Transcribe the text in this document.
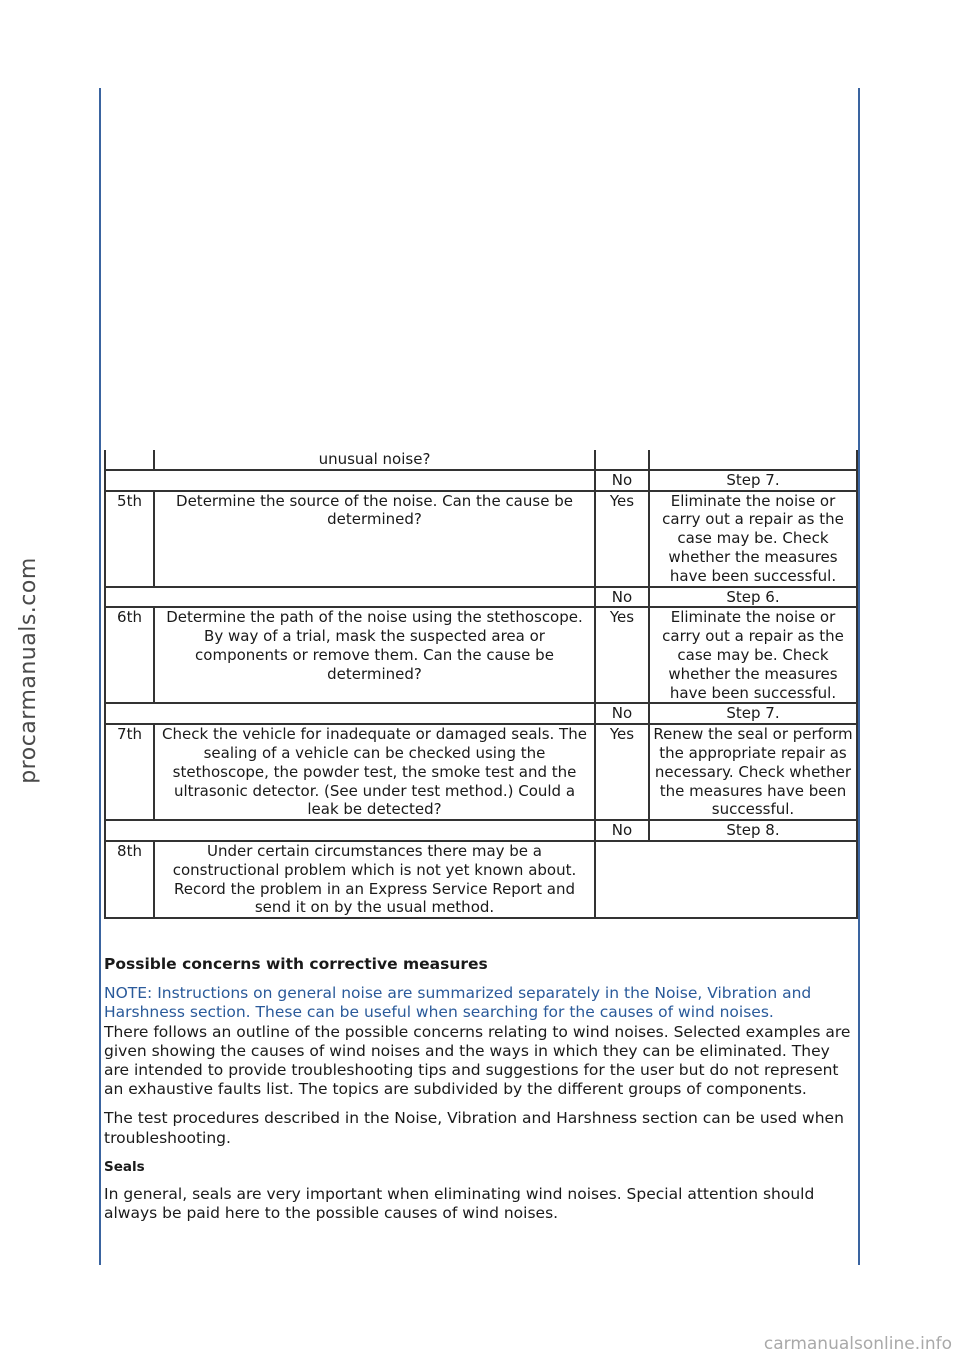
procarmanuals.com
	unusual noise?		
		No	Step 7.
5th	Determine the source of the noise. Can the cause be determined?	Yes	Eliminate the noise or carry out a repair as the case may be. Check whether the measures have been successful.
		No	Step 6.
6th	Determine the path of the noise using the stethoscope. By way of a trial, mask the suspected area or components or remove them. Can the cause be determined?	Yes	Eliminate the noise or carry out a repair as the case may be. Check whether the measures have been successful.
		No	Step 7.
7th	Check the vehicle for inadequate or damaged seals. The sealing of a vehicle can be checked using the stethoscope, the powder test, the smoke test and the ultrasonic detector. (See under test method.) Could a leak be detected?	Yes	Renew the seal or perform the appropriate repair as necessary. Check whether the measures have been successful.
		No	Step 8.
8th	Under certain circumstances there may be a constructional problem which is not yet known about. Record the problem in an Express Service Report and send it on by the usual method.		

Possible concerns with corrective measures

NOTE: Instructions on general noise are summarized separately in the Noise, Vibration and Harshness section. These can be useful when searching for the causes of wind noises.

There follows an outline of the possible concerns relating to wind noises. Selected examples are given showing the causes of wind noises and the ways in which they can be eliminated. They are intended to provide troubleshooting tips and suggestions for the user but do not represent an exhaustive faults list. The topics are subdivided by the different groups of components.

The test procedures described in the Noise, Vibration and Harshness section can be used when troubleshooting.

Seals

In general, seals are very important when eliminating wind noises. Special attention should always be paid here to the possible causes of wind noises.

carmanualsonline.info
